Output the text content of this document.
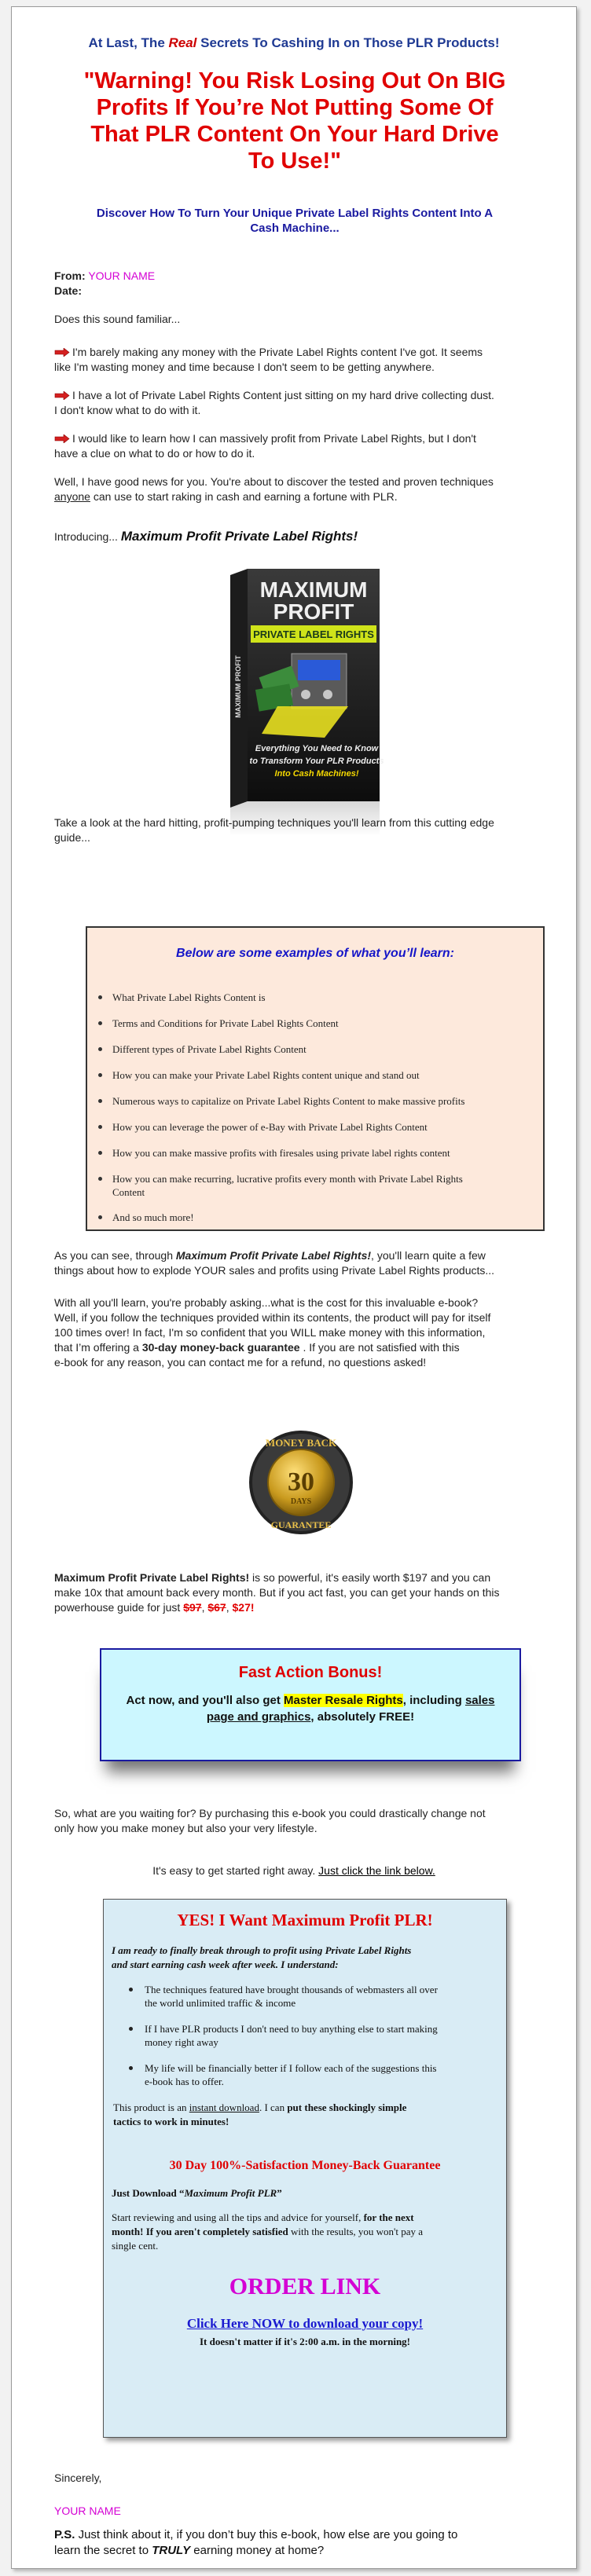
At Last, The Real Secrets To Cashing In on Those PLR Products!
"Warning! You Risk Losing Out On BIG
Profits If You’re Not Putting Some Of
That PLR Content On Your Hard Drive
To Use!"
Discover How To Turn Your Unique Private Label Rights Content Into A
Cash Machine...
From: YOUR NAME
Date:
Does this sound familiar...
I'm barely making any money with the Private Label Rights content I've got. It seems
like I'm wasting money and time because I don't seem to be getting anywhere.
I have a lot of Private Label Rights Content just sitting on my hard drive collecting dust.
I don't know what to do with it.
I would like to learn how I can massively profit from Private Label Rights, but I don't
have a clue on what to do or how to do it.
Well, I have good news for you. You're about to discover the tested and proven techniques
anyone can use to start raking in cash and earning a fortune with PLR.
Introducing... Maximum Profit Private Label Rights!
MAXIMUM PROFIT
MAXIMUM
PROFIT
PRIVATE LABEL RIGHTS
Everything You Need to Know
to Transform Your PLR Products
Into Cash Machines!
Take a look at the hard hitting, profit-pumping techniques you'll learn from this cutting edge
guide...
Below are some examples of what you’ll learn:
What Private Label Rights Content is
Terms and Conditions for Private Label Rights Content
Different types of Private Label Rights Content
How you can make your Private Label Rights content unique and stand out
Numerous ways to capitalize on Private Label Rights Content to make massive profits
How you can leverage the power of e-Bay with Private Label Rights Content
How you can make massive profits with firesales using private label rights content
How you can make recurring, lucrative profits every month with Private Label Rights
Content
And so much more!
As you can see, through Maximum Profit Private Label Rights!, you'll learn quite a few
things about how to explode YOUR sales and profits using Private Label Rights products...
With all you'll learn, you're probably asking...what is the cost for this invaluable e-book?
Well, if you follow the techniques provided within its contents, the product will pay for itself
100 times over! In fact, I'm so confident that you WILL make money with this information,
that I’m offering a 30-day money-back guarantee . If you are not satisfied with this
e-book for any reason, you can contact me for a refund, no questions asked!
MONEY BACK
30
DAYS
GUARANTEE
Maximum Profit Private Label Rights! is so powerful, it's easily worth $197 and you can
make 10x that amount back every month. But if you act fast, you can get your hands on this
powerhouse guide for just $97, $67, $27!
Fast Action Bonus!
Act now, and you'll also get Master Resale Rights, including sales
page and graphics, absolutely FREE!
So, what are you waiting for? By purchasing this e-book you could drastically change not
only how you make money but also your very lifestyle.
It's easy to get started right away. Just click the link below.
YES! I Want Maximum Profit PLR!
I am ready to finally break through to profit using Private Label Rights
and start earning cash week after week. I understand:
The techniques featured have brought thousands of webmasters all over
the world unlimited traffic & income
If I have PLR products I don't need to buy anything else to start making
money right away
My life will be financially better if I follow each of the suggestions this
e-book has to offer.
This product is an instant download. I can put these shockingly simple
tactics to work in minutes!
30 Day 100%-Satisfaction Money-Back Guarantee
Just Download “Maximum Profit PLR”
Start reviewing and using all the tips and advice for yourself, for the next
month! If you aren't completely satisfied with the results, you won't pay a
single cent.
ORDER LINK
Click Here NOW to download your copy!
It doesn't matter if it's 2:00 a.m. in the morning!
Sincerely,
YOUR NAME
P.S. Just think about it, if you don’t buy this e-book, how else are you going to
learn the secret to TRULY earning money at home?
